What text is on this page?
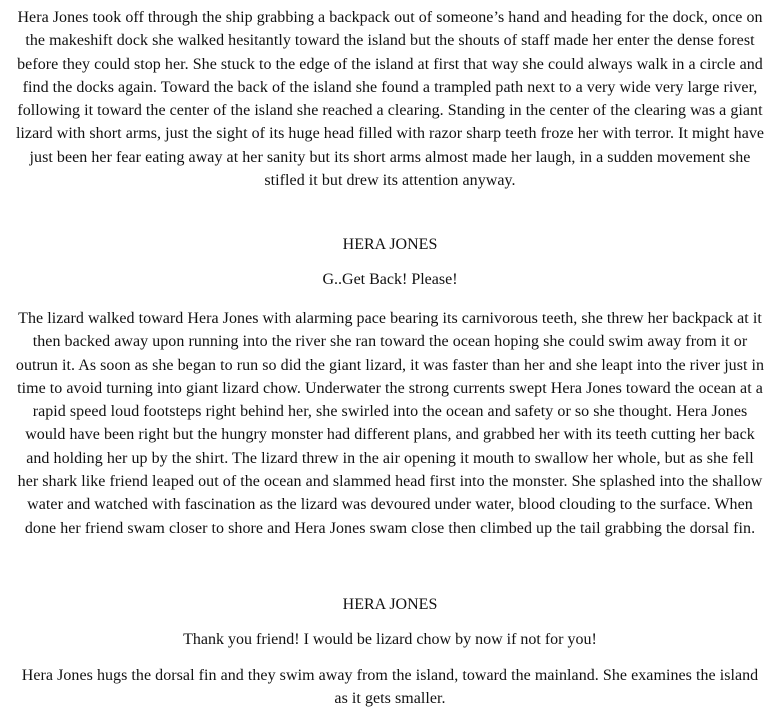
Hera Jones took off through the ship grabbing a backpack out of someone’s hand and heading for the dock, once on the makeshift dock she walked hesitantly toward the island but the shouts of staff made her enter the dense forest before they could stop her. She stuck to the edge of the island at first that way she could always walk in a circle and find the docks again. Toward the back of the island she found a trampled path next to a very wide very large river, following it toward the center of the island she reached a clearing. Standing in the center of the clearing was a giant lizard with short arms, just the sight of its huge head filled with razor sharp teeth froze her with terror. It might have just been her fear eating away at her sanity but its short arms almost made her laugh, in a sudden movement she stifled it but drew its attention anyway.

HERA JONES

G..Get Back! Please!

The lizard walked toward Hera Jones with alarming pace bearing its carnivorous teeth, she threw her backpack at it then backed away upon running into the river she ran toward the ocean hoping she could swim away from it or outrun it. As soon as she began to run so did the giant lizard, it was faster than her and she leapt into the river just in time to avoid turning into giant lizard chow. Underwater the strong currents swept Hera Jones toward the ocean at a rapid speed loud footsteps right behind her, she swirled into the ocean and safety or so she thought. Hera Jones would have been right but the hungry monster had different plans, and grabbed her with its teeth cutting her back and holding her up by the shirt. The lizard threw in the air opening it mouth to swallow her whole, but as she fell her shark like friend leaped out of the ocean and slammed head first into the monster. She splashed into the shallow water and watched with fascination as the lizard was devoured under water, blood clouding to the surface. When done her friend swam closer to shore and Hera Jones swam close then climbed up the tail grabbing the dorsal fin.

HERA JONES

Thank you friend! I would be lizard chow by now if not for you!

Hera Jones hugs the dorsal fin and they swim away from the island, toward the mainland. She examines the island as it gets smaller.
